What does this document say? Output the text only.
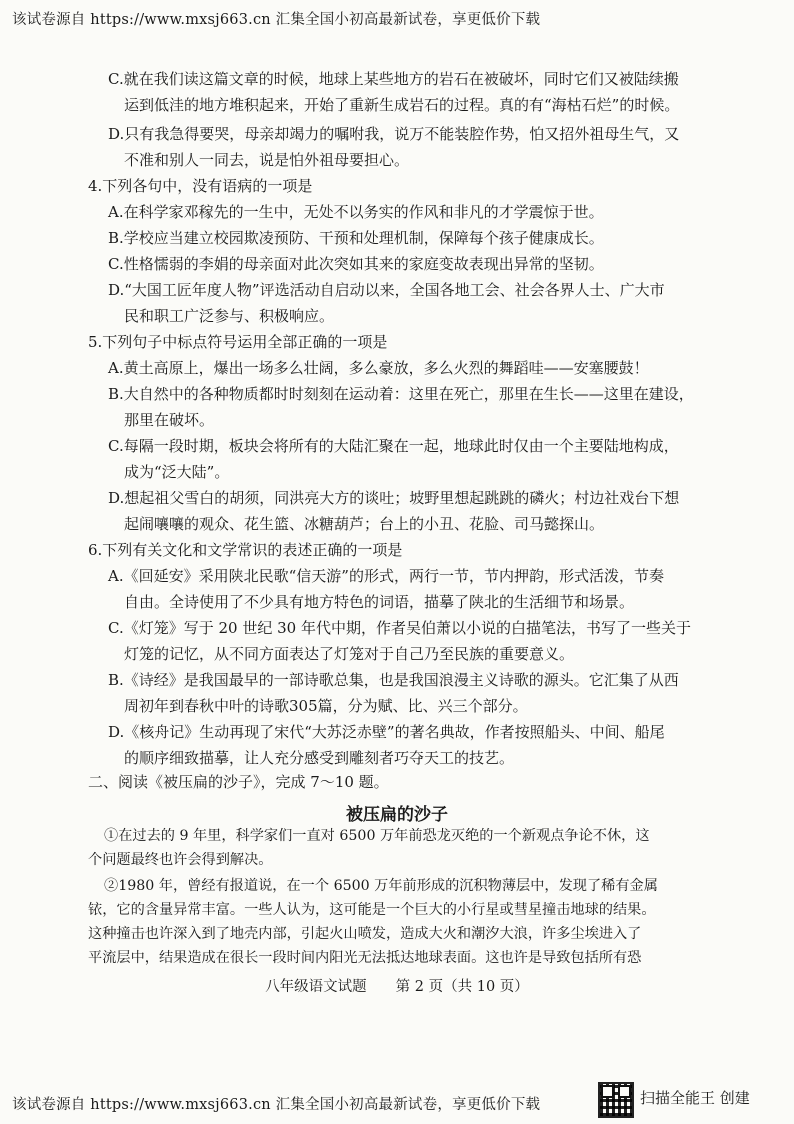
该试卷源自 https://www.mxsj663.cn 汇集全国小初高最新试卷，享更低价下载
C.就在我们读这篇文章的时候，地球上某些地方的岩石在被破坏，同时它们又被陆续搬
运到低洼的地方堆积起来，开始了重新生成岩石的过程。真的有“海枯石烂”的时候。
D.只有我急得要哭，母亲却竭力的嘱咐我，说万不能装腔作势，怕又招外祖母生气，又
不准和别人一同去，说是怕外祖母要担心。
4.下列各句中，没有语病的一项是
A.在科学家邓稼先的一生中，无处不以务实的作风和非凡的才学震惊于世。
B.学校应当建立校园欺凌预防、干预和处理机制，保障每个孩子健康成长。
C.性格懦弱的李娟的母亲面对此次突如其来的家庭变故表现出异常的坚韧。
D.“大国工匠年度人物”评选活动自启动以来，全国各地工会、社会各界人士、广大市
民和职工广泛参与、积极响应。
5.下列句子中标点符号运用全部正确的一项是
A.黄土高原上，爆出一场多么壮阔，多么豪放，多么火烈的舞蹈哇——安塞腰鼓！
B.大自然中的各种物质都时时刻刻在运动着：这里在死亡，那里在生长——这里在建设，
那里在破坏。
C.每隔一段时期，板块会将所有的大陆汇聚在一起，地球此时仅由一个主要陆地构成，
成为“泛大陆”。
D.想起祖父雪白的胡须，同洪亮大方的谈吐；坡野里想起跳跳的磷火；村边社戏台下想
起闹嚷嚷的观众、花生篮、冰糖葫芦；台上的小丑、花脸、司马懿探山。
6.下列有关文化和文学常识的表述正确的一项是
A.《回延安》采用陕北民歌“信天游”的形式，两行一节，节内押韵，形式活泼，节奏
自由。全诗使用了不少具有地方特色的词语，描摹了陕北的生活细节和场景。
C.《灯笼》写于 20 世纪 30 年代中期，作者吴伯萧以小说的白描笔法，书写了一些关于
灯笼的记忆，从不同方面表达了灯笼对于自己乃至民族的重要意义。
B.《诗经》是我国最早的一部诗歌总集，也是我国浪漫主义诗歌的源头。它汇集了从西
周初年到春秋中叶的诗歌305篇，分为赋、比、兴三个部分。
D.《核舟记》生动再现了宋代“大苏泛赤壁”的著名典故，作者按照船头、中间、船尾
的顺序细致描摹，让人充分感受到雕刻者巧夺天工的技艺。
二、阅读《被压扁的沙子》，完成 7～10 题。
被压扁的沙子
①在过去的 9 年里，科学家们一直对 6500 万年前恐龙灭绝的一个新观点争论不休，这
个问题最终也许会得到解决。
②1980 年，曾经有报道说，在一个 6500 万年前形成的沉积物薄层中，发现了稀有金属
铱，它的含量异常丰富。一些人认为，这可能是一个巨大的小行星或彗星撞击地球的结果。
这种撞击也许深入到了地壳内部，引起火山喷发，造成大火和潮汐大浪，许多尘埃进入了
平流层中，结果造成在很长一段时间内阳光无法抵达地球表面。这也许是导致包括所有恐
八年级语文试题　　第 2 页（共 10 页）
该试卷源自 https://www.mxsj663.cn 汇集全国小初高最新试卷，享更低价下载	扫描全能王 创建
